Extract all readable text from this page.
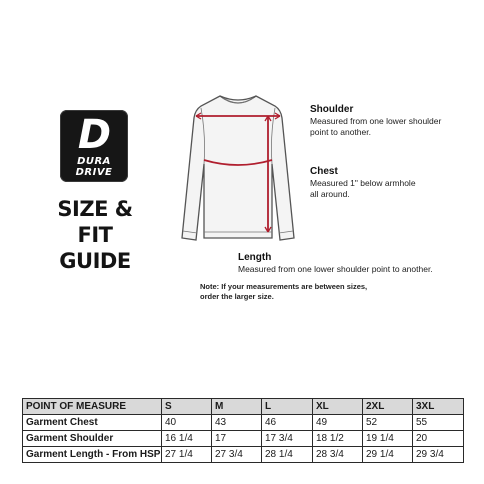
D
DURA
DRIVE
SIZE & FIT
GUIDE
Shoulder
Measured from one lower shoulder
point to another.
Chest
Measured 1" below armhole
all around.
Length
Measured from one lower shoulder point to another.
Note: If your measurements are between sizes,
order the larger size.
POINT OF MEASURE	S	M	L	XL	2XL	3XL
Garment Chest	40	43	46	49	52	55
Garment Shoulder	16 1/4	17	17 3/4	18 1/2	19 1/4	20
Garment Length - From HSP	27 1/4	27 3/4	28 1/4	28 3/4	29 1/4	29 3/4
